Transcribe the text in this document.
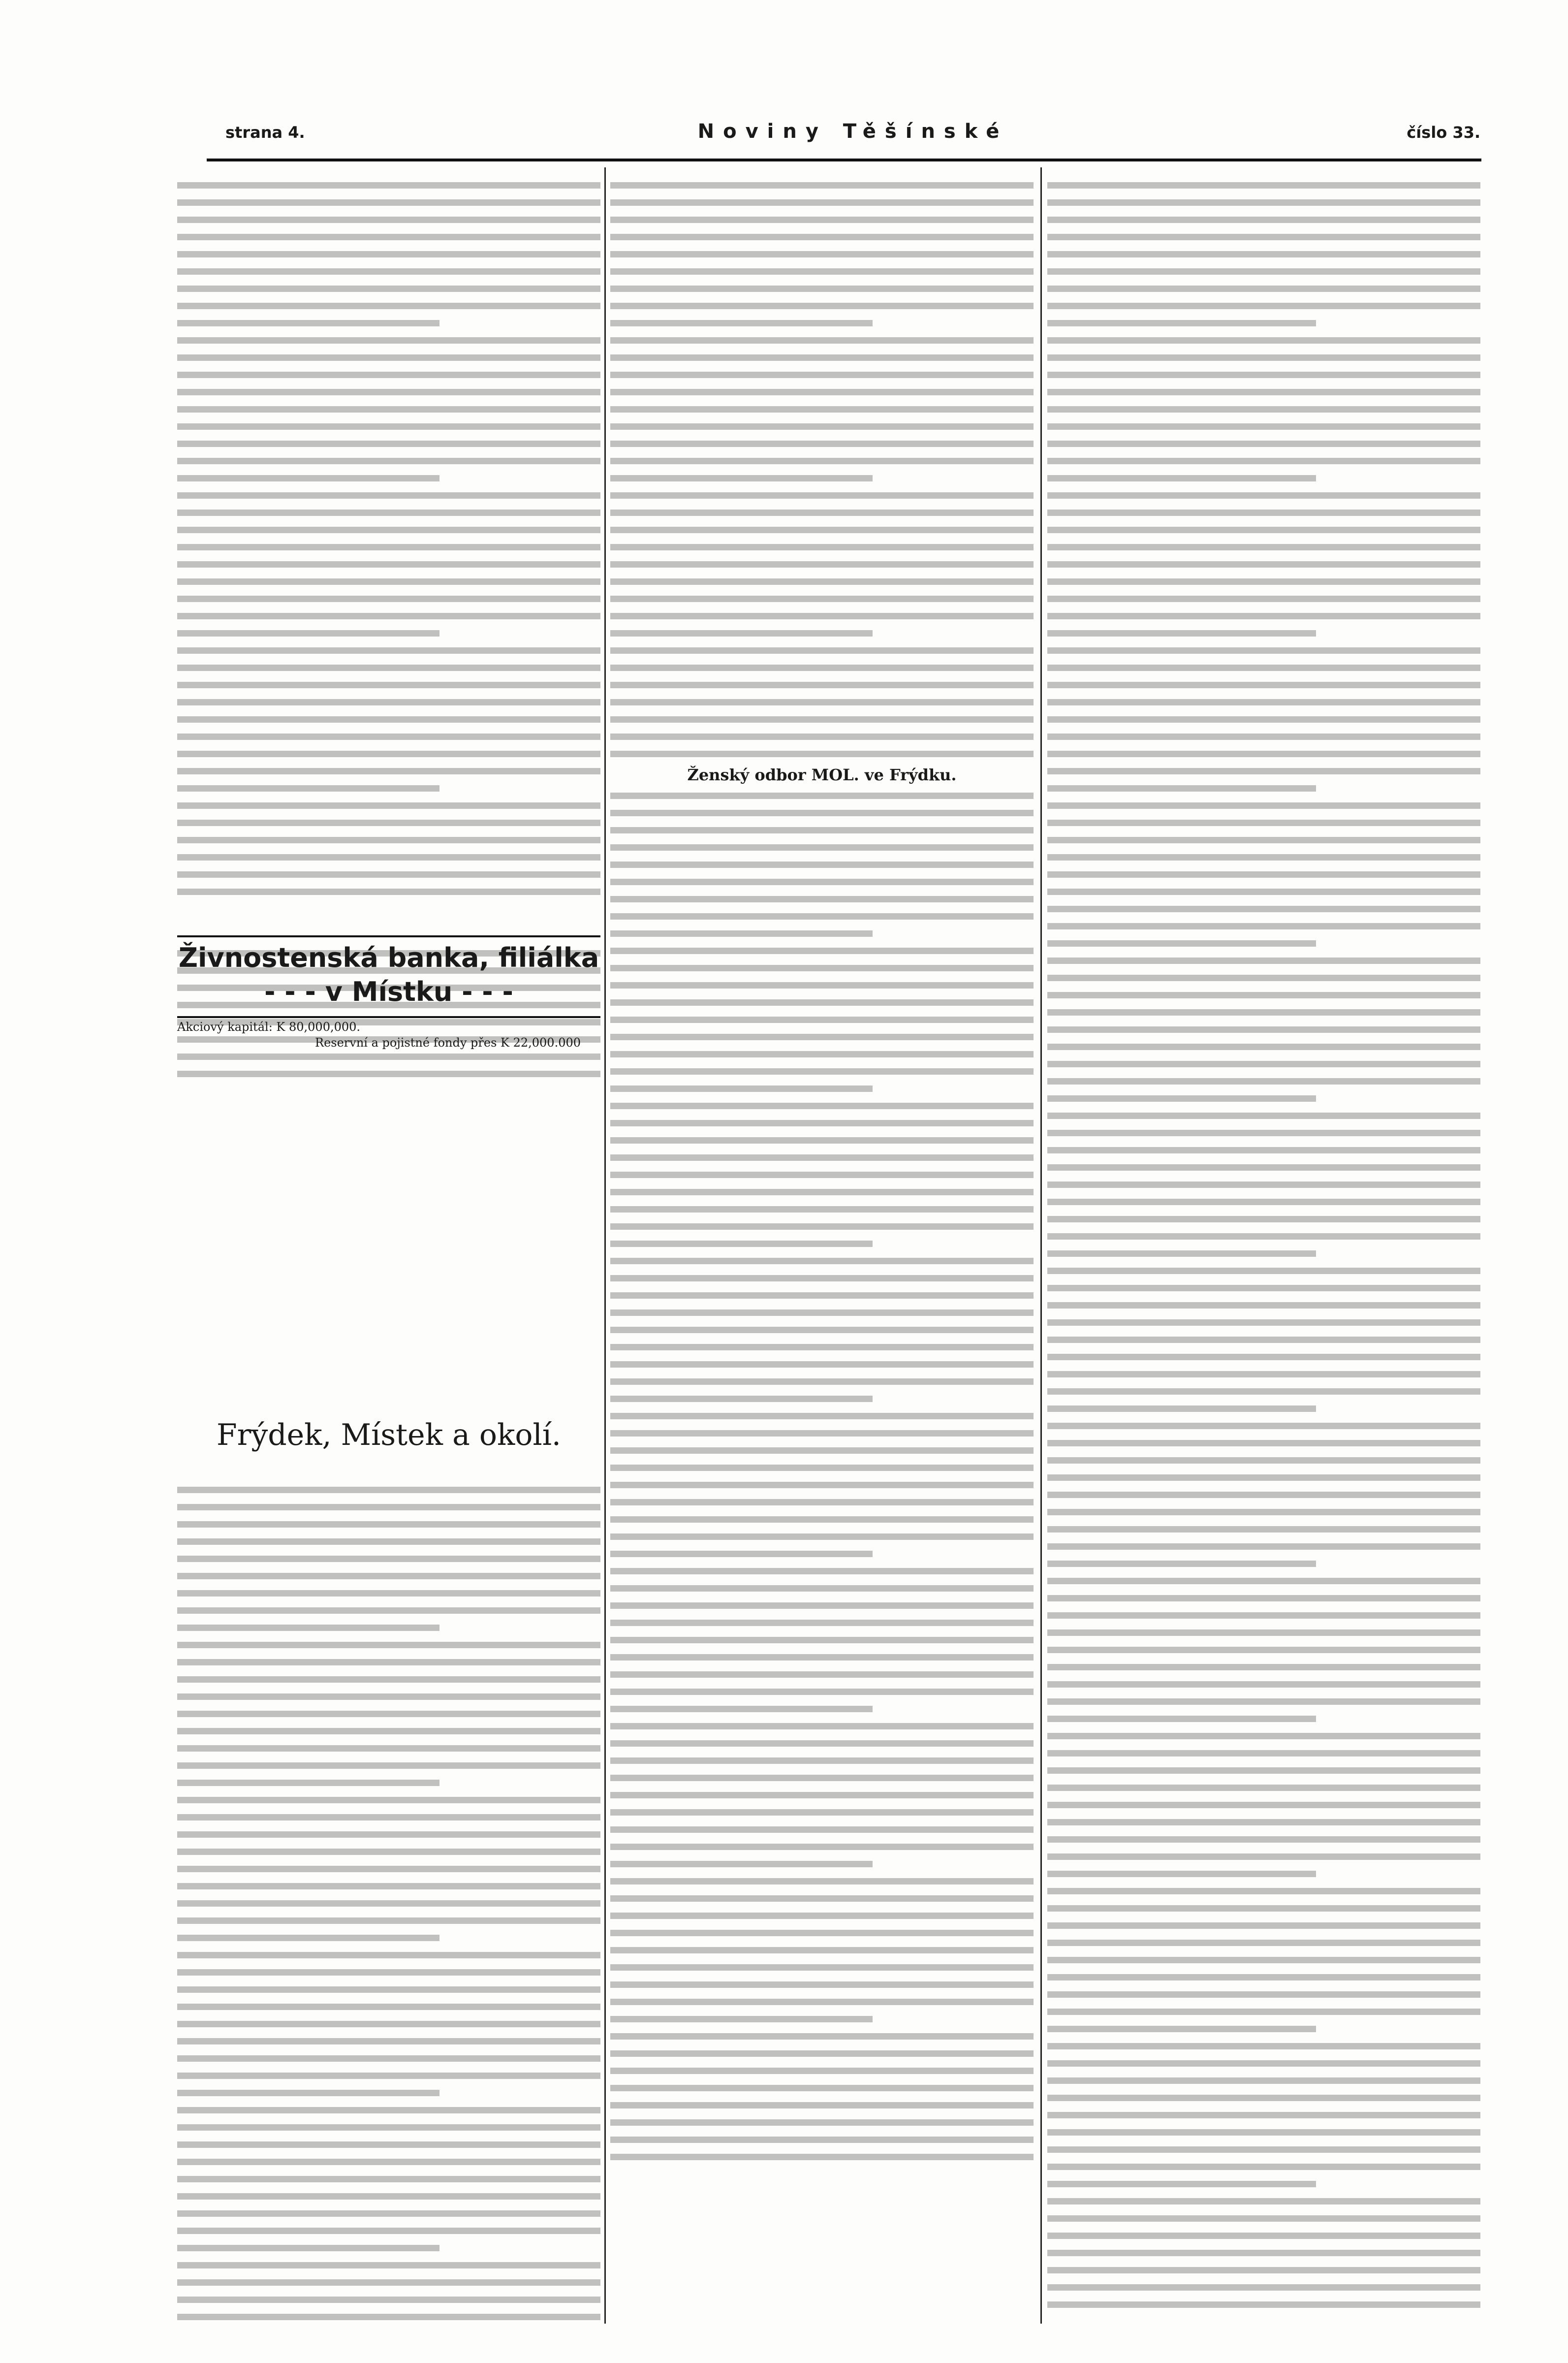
strana 4.	Noviny Těšínské	číslo 33.
Živnostenská banka, filiálka
- - - v Místku - - -
Akciový kapitál: K 80,000,000.
Reservní a pojistné fondy přes K 22,000.000
Frýdek, Místek a okolí.
Ženský odbor MOL. ve Frýdku.
